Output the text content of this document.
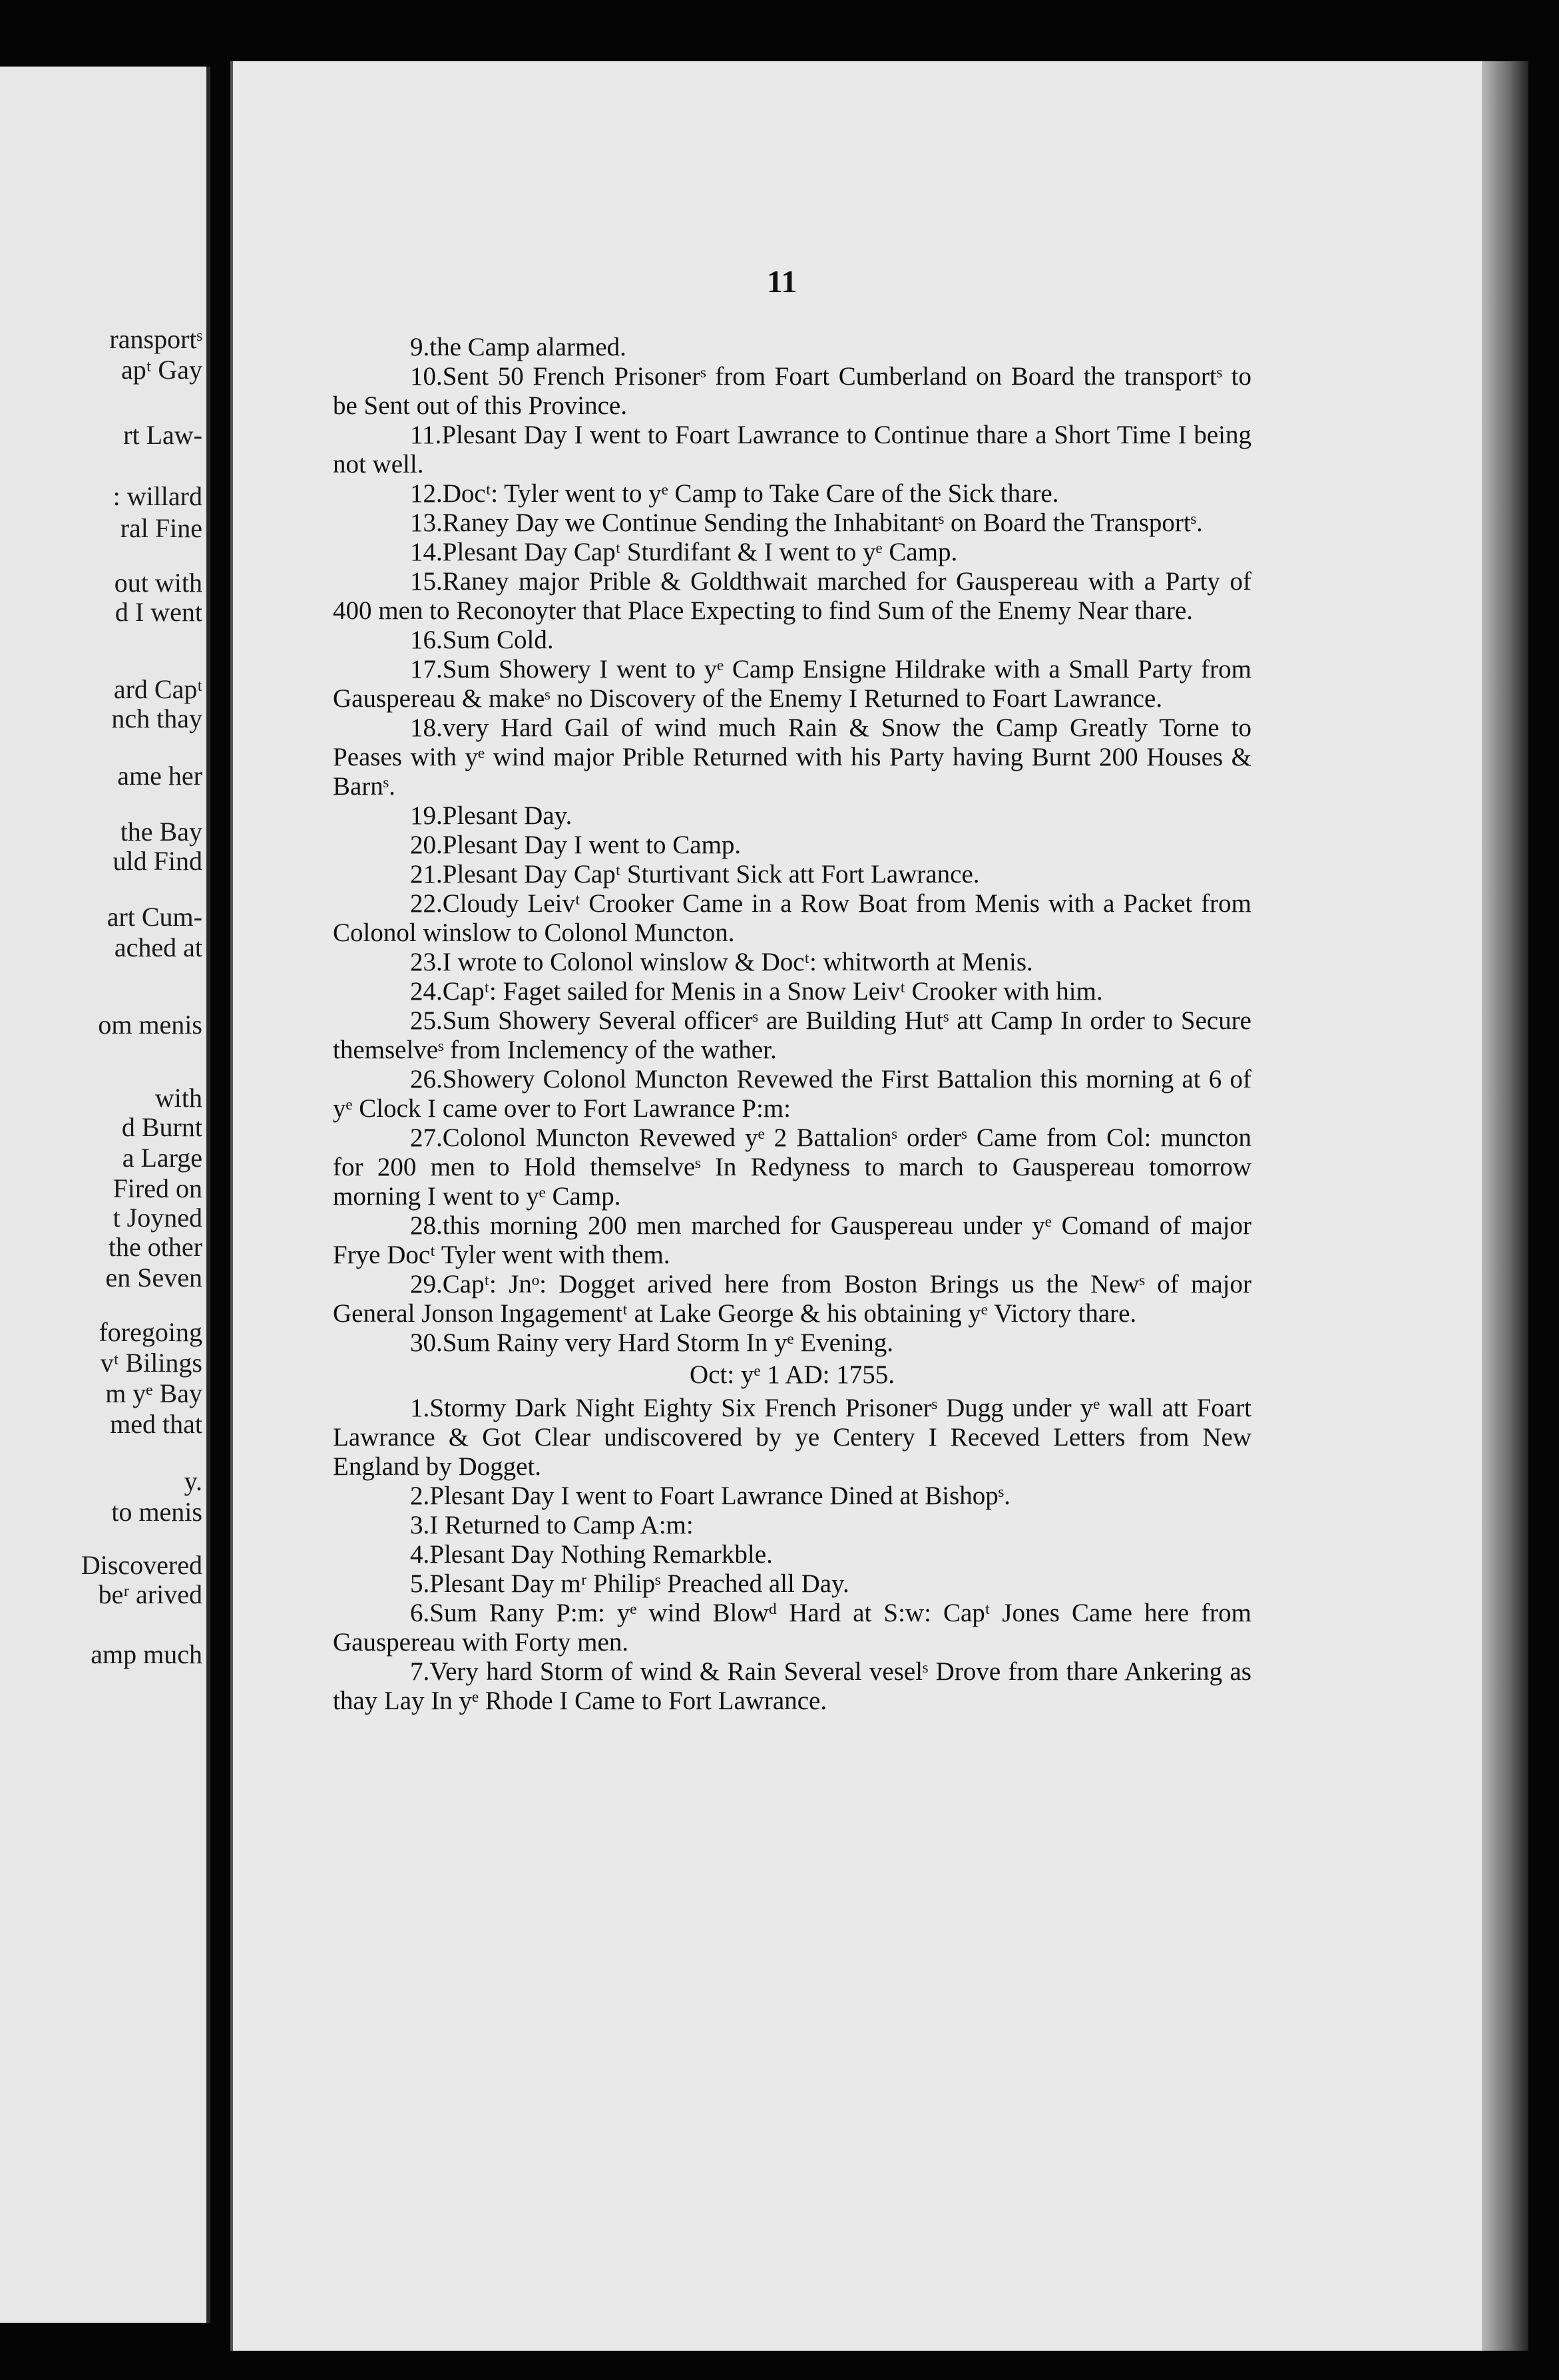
ransportˢ
apᵗ Gay
rt Law-
: willard
ral Fine
out with
d I went
ard Capᵗ
nch thay
ame her
the Bay
uld Find
art Cum-
ached at
om menis
with
d Burnt
a Large
Fired on
t Joyned
the other
en Seven
foregoing
vᵗ Bilings
m yᵉ Bay
med that
y.
to menis
Discovered
beʳ arived
amp much
11

9.the Camp alarmed.

10.Sent 50 French Prisonerˢ from Foart Cumberland on Board the transportˢ to be Sent out of this Province.

11.Plesant Day I went to Foart Lawrance to Continue thare a Short Time I being not well.

12.Docᵗ: Tyler went to yᵉ Camp to Take Care of the Sick thare.

13.Raney Day we Continue Sending the Inhabitantˢ on Board the Transportˢ.

14.Plesant Day Capᵗ Sturdifant & I went to yᵉ Camp.

15.Raney major Prible & Goldthwait marched for Gauspereau with a Party of 400 men to Reconoyter that Place Expecting to find Sum of the Enemy Near thare.

16.Sum Cold.

17.Sum Showery I went to yᵉ Camp Ensigne Hildrake with a Small Party from Gauspereau & makeˢ no Discovery of the Enemy I Returned to Foart Lawrance.

18.very Hard Gail of wind much Rain & Snow the Camp Greatly Torne to Peases with yᵉ wind major Prible Returned with his Party having Burnt 200 Houses & Barnˢ.

19.Plesant Day.

20.Plesant Day I went to Camp.

21.Plesant Day Capᵗ Sturtivant Sick att Fort Lawrance.

22.Cloudy Leivᵗ Crooker Came in a Row Boat from Menis with a Packet from Colonol winslow to Colonol Muncton.

23.I wrote to Colonol winslow & Docᵗ: whitworth at Menis.

24.Capᵗ: Faget sailed for Menis in a Snow Leivᵗ Crooker with him.

25.Sum Showery Several officerˢ are Building Hutˢ att Camp In order to Secure themselveˢ from Inclemency of the wather.

26.Showery Colonol Muncton Revewed the First Battalion this morning at 6 of yᵉ Clock I came over to Fort Lawrance P:m:

27.Colonol Muncton Revewed yᵉ 2 Battalionˢ orderˢ Came from Col: muncton for 200 men to Hold themselveˢ In Redyness to march to Gauspereau tomorrow morning I went to yᵉ Camp.

28.this morning 200 men marched for Gauspereau under yᵉ Comand of major Frye Docᵗ Tyler went with them.

29.Capᵗ: Jnᵒ: Dogget arived here from Boston Brings us the Newˢ of major General Jonson Ingagementᵗ at Lake George & his obtaining yᵉ Victory thare.

30.Sum Rainy very Hard Storm In yᵉ Evening.

Oct: yᵉ 1 AD: 1755.

1.Stormy Dark Night Eighty Six French Prisonerˢ Dugg under yᵉ wall att Foart Lawrance & Got Clear undiscovered by ye Centery I Receved Letters from New England by Dogget.

2.Plesant Day I went to Foart Lawrance Dined at Bishopˢ.

3.I Returned to Camp A:m:

4.Plesant Day Nothing Remarkble.

5.Plesant Day mʳ Philipˢ Preached all Day.

6.Sum Rany P:m: yᵉ wind Blowᵈ Hard at S:w: Capᵗ Jones Came here from Gauspereau with Forty men.

7.Very hard Storm of wind & Rain Several veselˢ Drove from thare Ankering as thay Lay In yᵉ Rhode I Came to Fort Lawrance.
